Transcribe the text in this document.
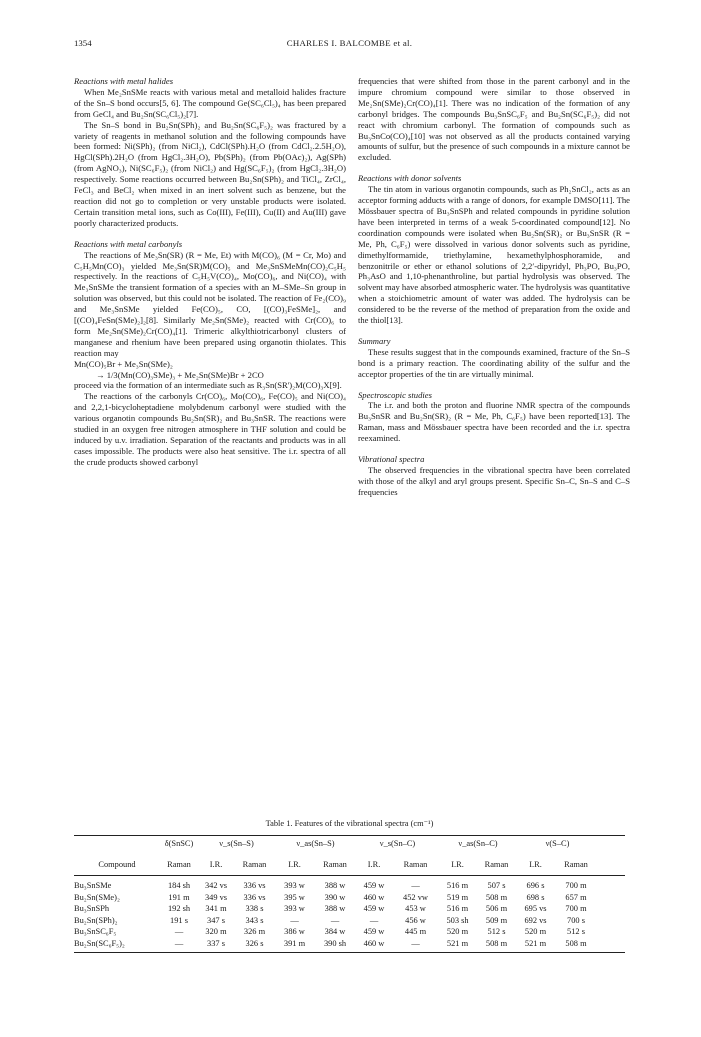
1354	CHARLES I. BALCOMBE et al.
Reactions with metal halides

When Me₂SnSMe reacts with various metal and metalloid halides fracture of the Sn–S bond occurs[5, 6]. The compound Ge(SC₆Cl₅)₄ has been prepared from GeCl₄ and Bu₂Sn(SC₆Cl₅)₂[7].

The Sn–S bond in Bu₂Sn(SPh)₂ and Bu₂Sn(SC₆F₅)₂ was fractured by a variety of reagents in methanol solution and the following compounds have been formed: Ni(SPh)₂ (from NiCl₂), CdCl(SPh).H₂O (from CdCl₂.2.5H₂O), HgCl(SPh).2H₂O (from HgCl₂.3H₂O), Pb(SPh)₂ (from Pb(OAc)₂), Ag(SPh) (from AgNO₃), Ni(SC₆F₅)₂ (from NiCl₂) and Hg(SC₆F₅)₂ (from HgCl₂.3H₂O) respectively. Some reactions occurred between Bu₂Sn(SPh)₂ and TiCl₄, ZrCl₄, FeCl₃ and BeCl₂ when mixed in an inert solvent such as benzene, but the reaction did not go to completion or very unstable products were isolated. Certain transition metal ions, such as Co(III), Fe(III), Cu(II) and Au(III) gave poorly characterized products.

Reactions with metal carbonyls

The reactions of Me₃Sn(SR) (R = Me, Et) with M(CO)₆ (M = Cr, Mo) and C₅H₅Mn(CO)₃ yielded Me₃Sn(SR)M(CO)₅ and Me₃SnSMeMn(CO)₂C₅H₅ respectively. In the reactions of C₅H₅V(CO)₄, Mo(CO)₆, and Ni(CO)₄ with Me₃SnSMe the transient formation of a species with an M–SMe–Sn group in solution was observed, but this could not be isolated. The reaction of Fe₂(CO)₉ and Me₃SnSMe yielded Fe(CO)₅, CO, [(CO)₃FeSMe]₂, and [(CO)₄FeSn(SMe)₂]₂[8]. Similarly Me₂Sn(SMe)₂ reacted with Cr(CO)₆ to form Me₂Sn(SMe)₂Cr(CO)₄[1]. Trimeric alkylthiotricarbonyl clusters of manganese and rhenium have been prepared using organotin thiolates. This reaction may

Mn(CO)₅Br + Me₃Sn(SMe)₂

→ 1/3(Mn(CO)₃SMe)₃ + Me₂Sn(SMe)Br + 2CO

proceed via the formation of an intermediate such as R₃Sn(SR')₂M(CO)₃X[9].

The reactions of the carbonyls Cr(CO)₆, Mo(CO)₆, Fe(CO)₅ and Ni(CO)₄ and 2,2,1-bicycloheptadiene molybdenum carbonyl were studied with the various organotin compounds Bu₂Sn(SR)₂ and Bu₃SnSR. The reactions were studied in an oxygen free nitrogen atmosphere in THF solution and could be induced by u.v. irradiation. Separation of the reactants and products was in all cases impossible. The products were also heat sensitive. The i.r. spectra of all the crude products showed carbonyl

frequencies that were shifted from those in the parent carbonyl and in the impure chromium compound were similar to those observed in Me₂Sn(SMe)₂Cr(CO)₄[1]. There was no indication of the formation of any carbonyl bridges. The compounds Bu₃SnSC₆F₅ and Bu₂Sn(SC₆F₅)₂ did not react with chromium carbonyl. The formation of compounds such as Bu₃SnCo(CO)₄[10] was not observed as all the products contained varying amounts of sulfur, but the presence of such compounds in a mixture cannot be excluded.

Reactions with donor solvents

The tin atom in various organotin compounds, such as Ph₂SnCl₂, acts as an acceptor forming adducts with a range of donors, for example DMSO[11]. The Mössbauer spectra of Bu₃SnSPh and related compounds in pyridine solution have been interpreted in terms of a weak 5-coordinated compound[12]. No coordination compounds were isolated when Bu₂Sn(SR)₂ or Bu₃SnSR (R = Me, Ph, C₆F₅) were dissolved in various donor solvents such as pyridine, dimethylformamide, triethylamine, hexamethylphosphoramide, and benzonitrile or ether or ethanol solutions of 2,2′-dipyridyl, Ph₃PO, Bu₃PO, Ph₃AsO and 1,10-phenanthroline, but partial hydrolysis was observed. The solvent may have absorbed atmospheric water. The hydrolysis was quantitative when a stoichiometric amount of water was added. The hydrolysis can be considered to be the reverse of the method of preparation from the oxide and the thiol[13].

Summary

These results suggest that in the compounds examined, fracture of the Sn–S bond is a primary reaction. The coordinating ability of the sulfur and the acceptor properties of the tin are virtually minimal.

Spectroscopic studies

The i.r. and both the proton and fluorine NMR spectra of the compounds Bu₃SnSR and Bu₂Sn(SR)₂ (R = Me, Ph, C₆F₅) have been reported[13]. The Raman, mass and Mössbauer spectra have been recorded and the i.r. spectra reexamined.

Vibrational spectra

The observed frequencies in the vibrational spectra have been correlated with those of the alkyl and aryl groups present. Specific Sn–C, Sn–S and C–S frequencies

Table 1. Features of the vibrational spectra (cm⁻¹)
δ(SnSC)	ν_s(Sn–S)	ν_as(Sn–S)	ν_s(Sn–C)	ν_as(Sn–C)	ν(S–C)
Compound	Raman	I.R.	Raman	I.R.	Raman	I.R.	Raman	I.R.	Raman	I.R.	Raman
Bu₃SnSMe	184 sh	342 vs	336 vs	393 w	388 w	459 w	—	516 m	507 s	696 s	700 m
Bu₂Sn(SMe)₂	191 m	349 vs	336 vs	395 w	390 w	460 w	452 vw	519 m	508 m	698 s	657 m
Bu₃SnSPh	192 sh	341 m	338 s	393 w	388 w	459 w	453 w	516 m	506 m	695 vs	700 m
Bu₂Sn(SPh)₂	191 s	347 s	343 s	—	—	—	456 w	503 sh	509 m	692 vs	700 s
Bu₃SnSC₆F₅	—	320 m	326 m	386 w	384 w	459 w	445 m	520 m	512 s	520 m	512 s
Bu₂Sn(SC₆F₅)₂	—	337 s	326 s	391 m	390 sh	460 w	—	521 m	508 m	521 m	508 m
